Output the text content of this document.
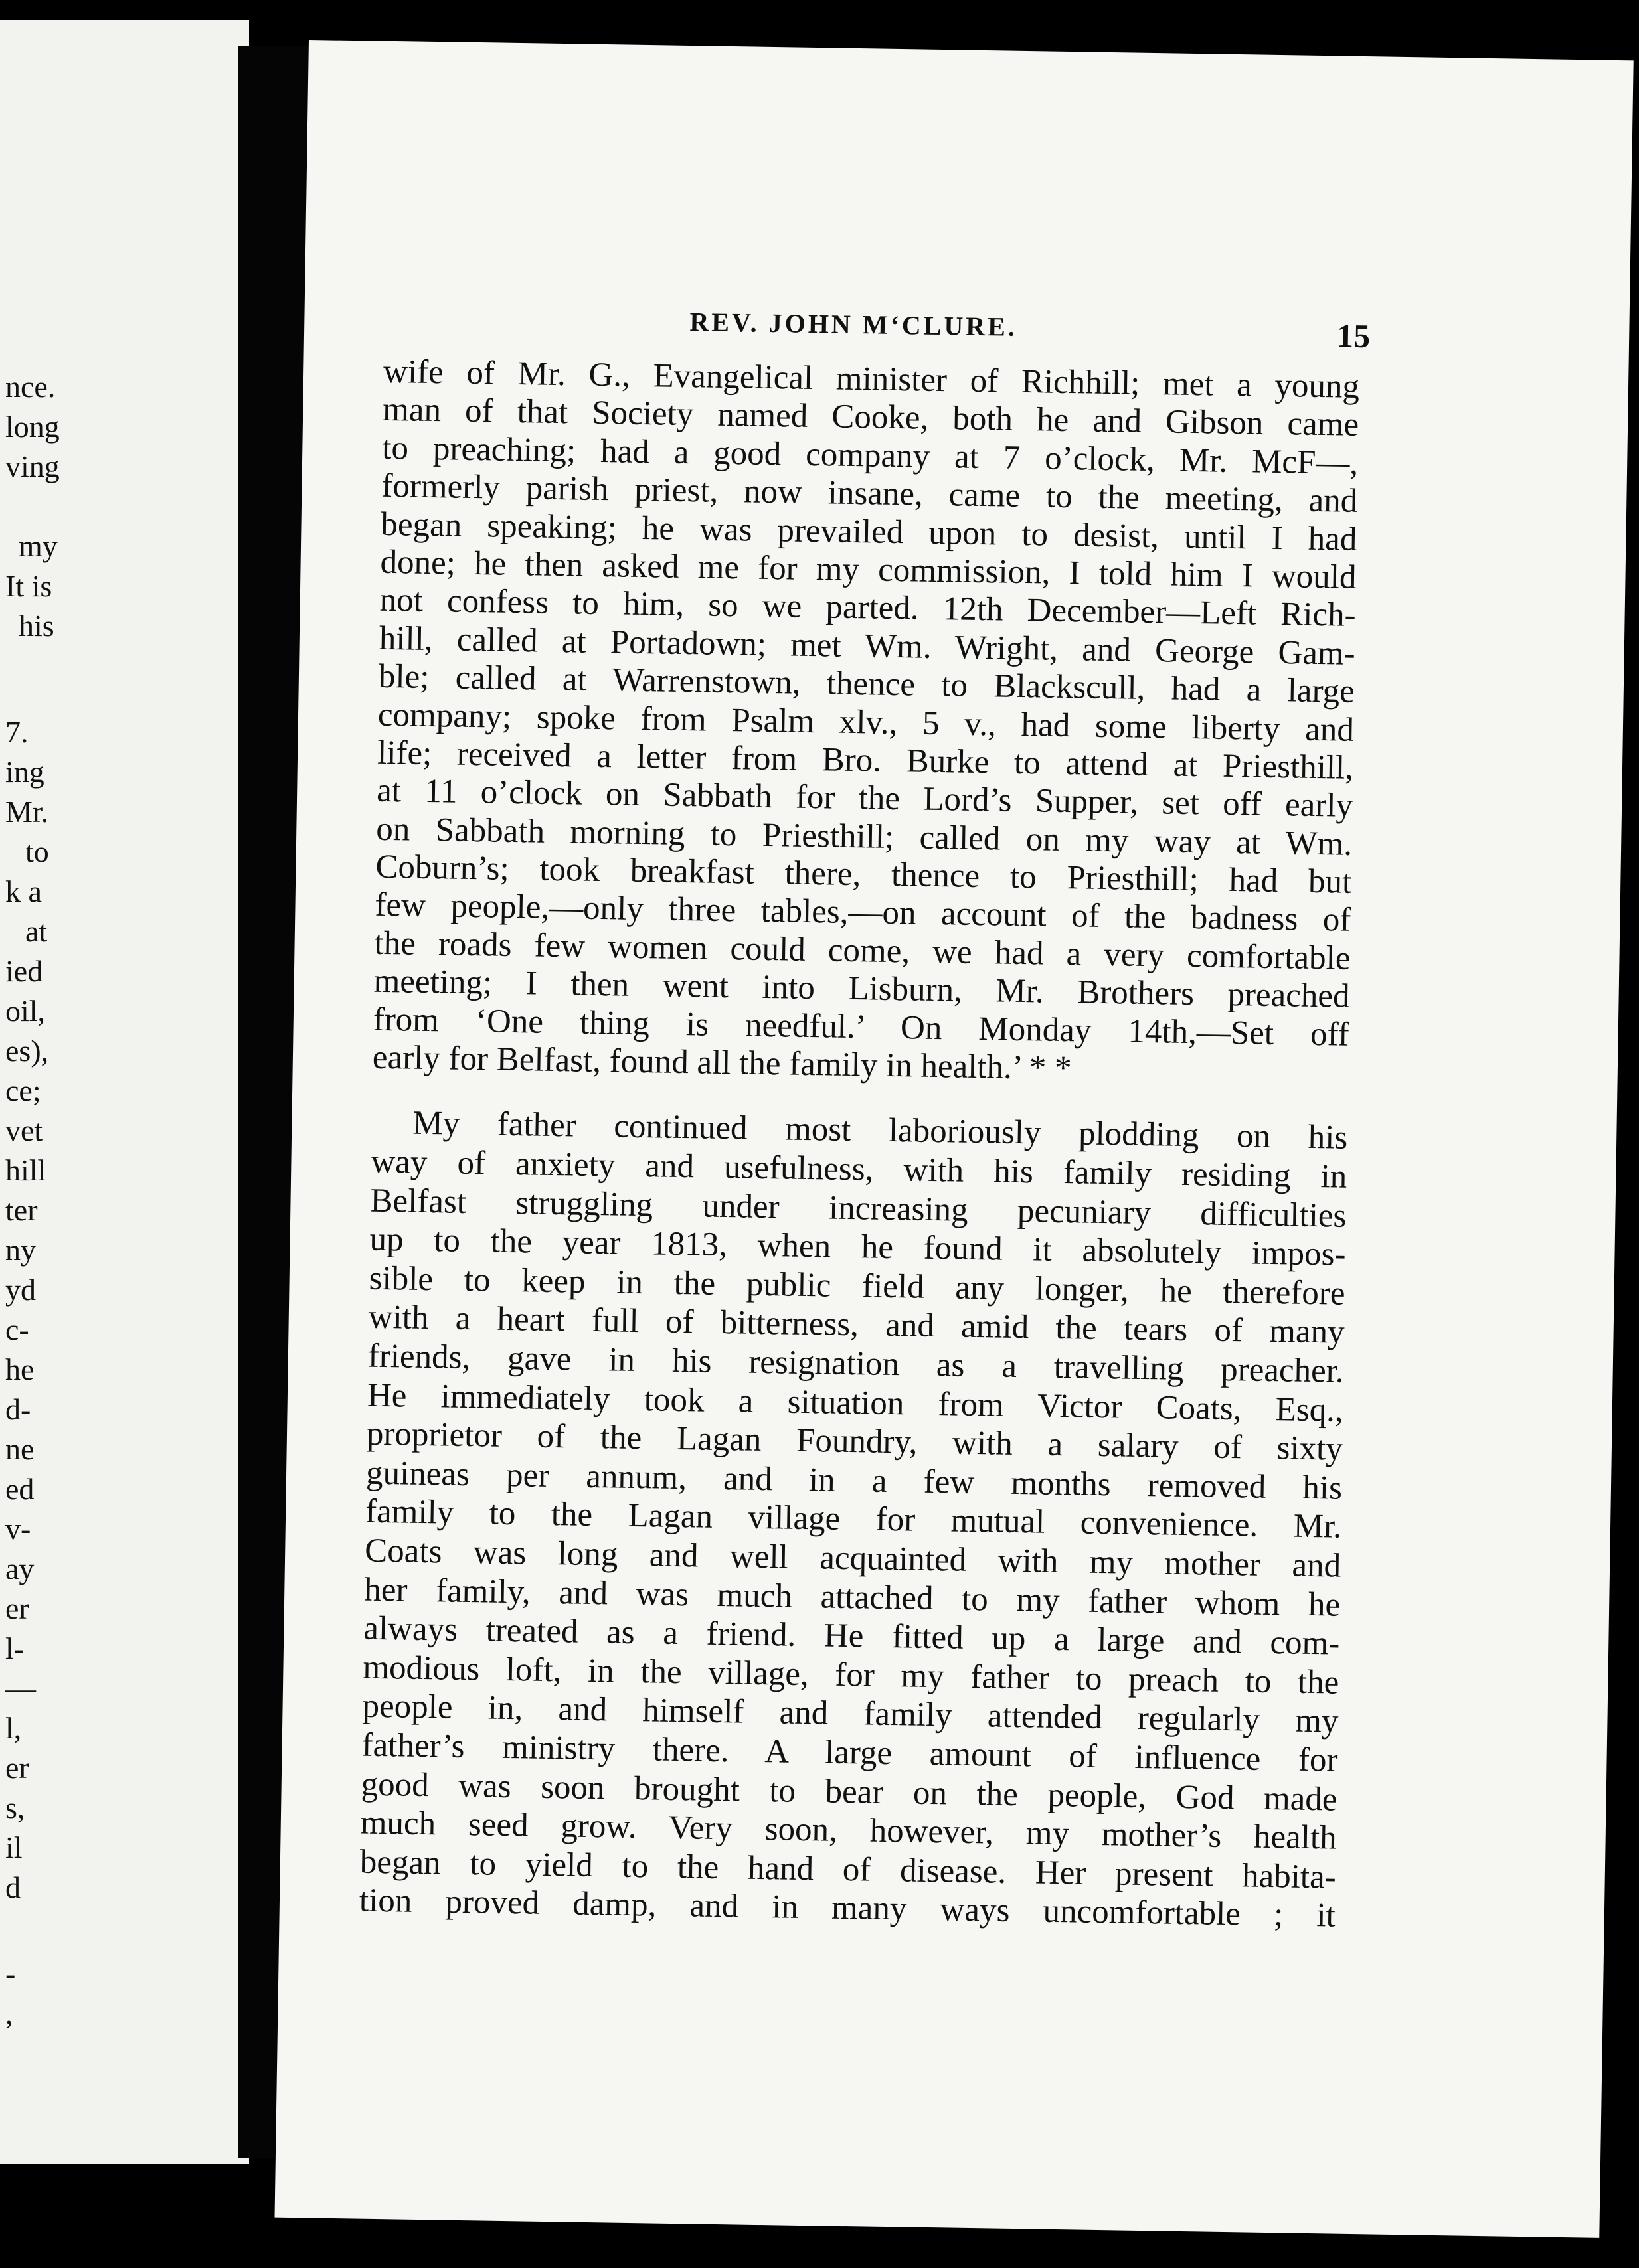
nce.
long
ving
my
It is
his
7.
ing
Mr.
to
k a
at
ied
oil,
es),
ce;
vet
hill
ter
ny
yd
c-
he
d-
ne
ed
v-
ay
er
l-
—
l,
er
s,
il
d
-
,
REV. JOHN M‘CLURE.	15
wife of Mr. G., Evangelical minister of Richhill; met a young
man of that Society named Cooke, both he and Gibson came
to preaching; had a good company at 7 o’clock, Mr. McF—,
formerly parish priest, now insane, came to the meeting, and
began speaking; he was prevailed upon to desist, until I had
done; he then asked me for my commission, I told him I would
not confess to him, so we parted. 12th December—Left Rich-
hill, called at Portadown; met Wm. Wright, and George Gam-
ble; called at Warrenstown, thence to Blackscull, had a large
company; spoke from Psalm xlv., 5 v., had some liberty and
life; received a letter from Bro. Burke to attend at Priesthill,
at 11 o’clock on Sabbath for the Lord’s Supper, set off early
on Sabbath morning to Priesthill; called on my way at Wm.
Coburn’s; took breakfast there, thence to Priesthill; had but
few people,—only three tables,—on account of the badness of
the roads few women could come, we had a very comfortable
meeting; I then went into Lisburn, Mr. Brothers preached
from ‘One thing is needful.’ On Monday 14th,—Set off
early for Belfast, found all the family in health.’ * *
My father continued most laboriously plodding on his
way of anxiety and usefulness, with his family residing in
Belfast struggling under increasing pecuniary difficulties
up to the year 1813, when he found it absolutely impos-
sible to keep in the public field any longer, he therefore
with a heart full of bitterness, and amid the tears of many
friends, gave in his resignation as a travelling preacher.
He immediately took a situation from Victor Coats, Esq.,
proprietor of the Lagan Foundry, with a salary of sixty
guineas per annum, and in a few months removed his
family to the Lagan village for mutual convenience. Mr.
Coats was long and well acquainted with my mother and
her family, and was much attached to my father whom he
always treated as a friend. He fitted up a large and com-
modious loft, in the village, for my father to preach to the
people in, and himself and family attended regularly my
father’s ministry there. A large amount of influence for
good was soon brought to bear on the people, God made
much seed grow. Very soon, however, my mother’s health
began to yield to the hand of disease. Her present habita-
tion proved damp, and in many ways uncomfortable ; it
